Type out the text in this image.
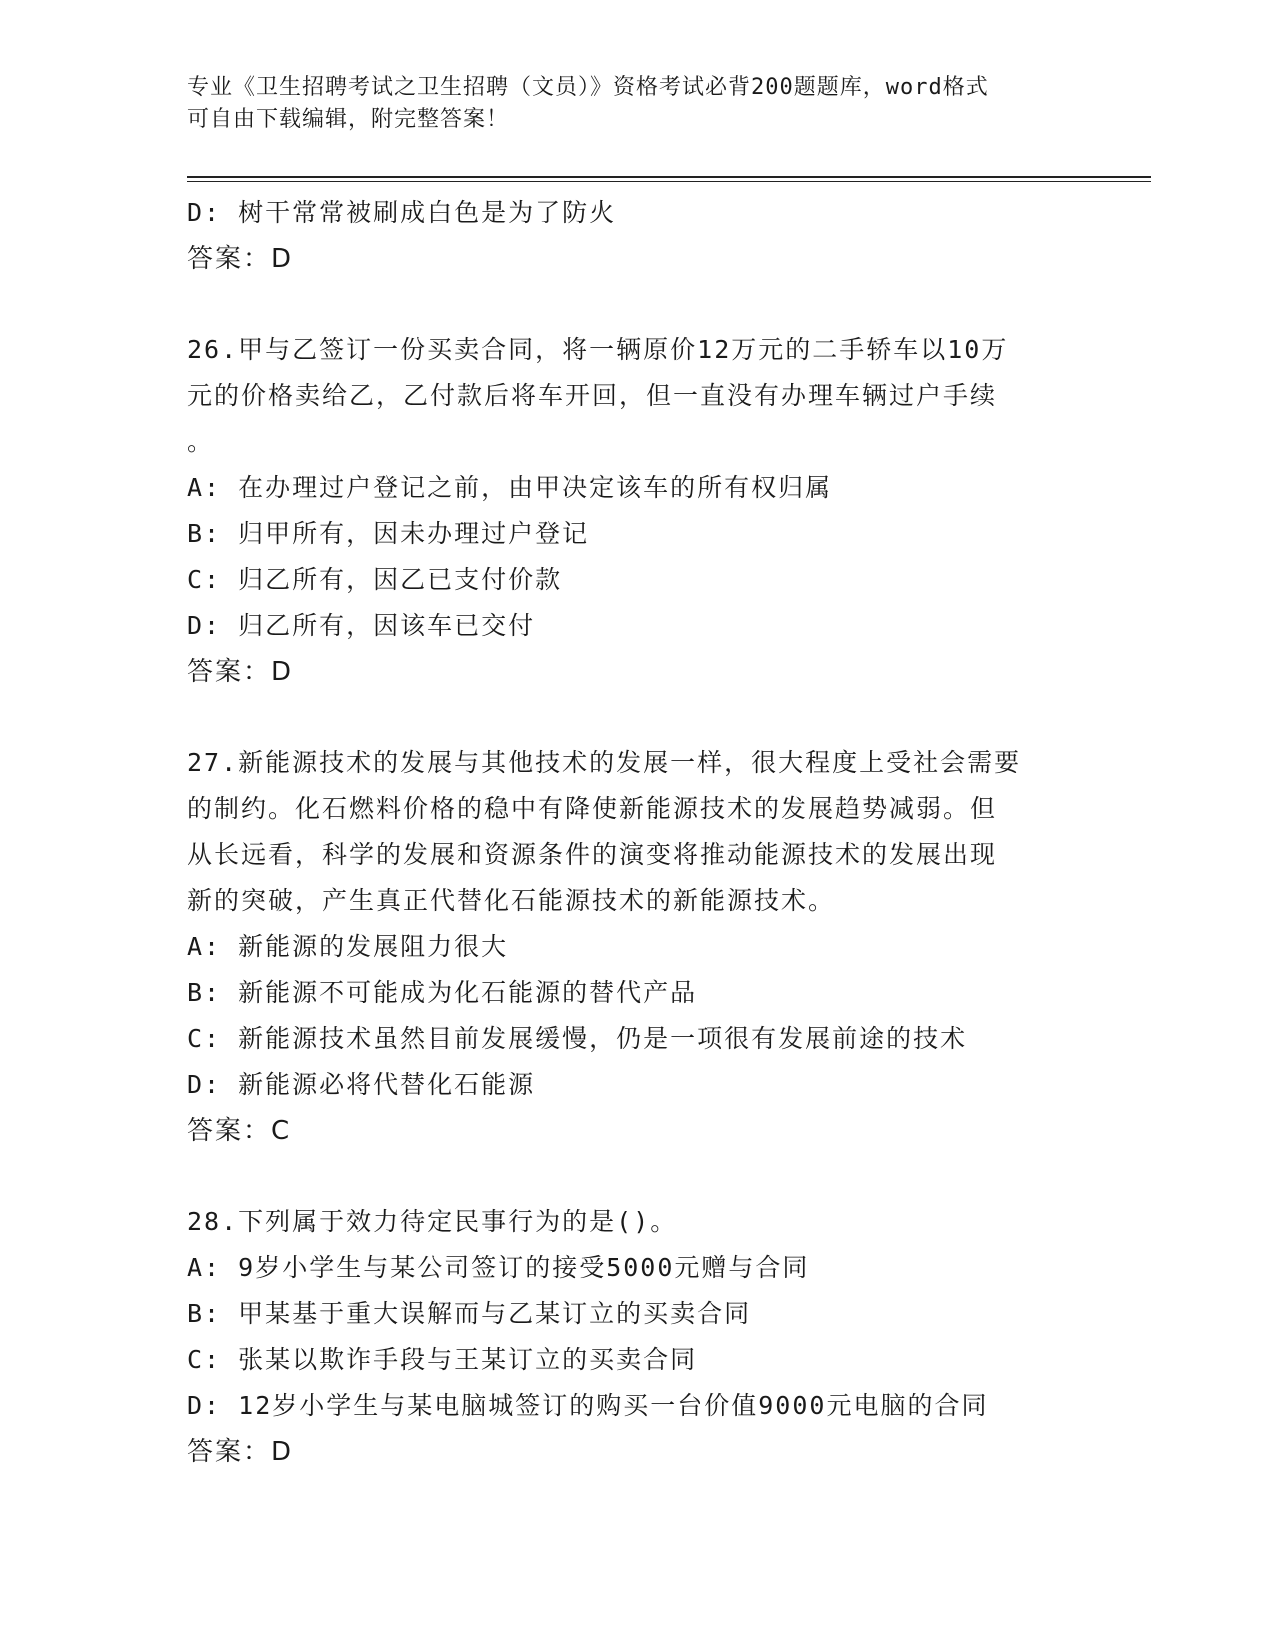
专业《卫生招聘考试之卫生招聘（文员）》资格考试必背200题题库，word格式
可自由下载编辑，附完整答案！
D: 树干常常被刷成白色是为了防火
答案：D
26.甲与乙签订一份买卖合同，将一辆原价12万元的二手轿车以10万
元的价格卖给乙，乙付款后将车开回，但一直没有办理车辆过户手续
。
A: 在办理过户登记之前，由甲决定该车的所有权归属
B: 归甲所有，因未办理过户登记
C: 归乙所有，因乙已支付价款
D: 归乙所有，因该车已交付
答案：D
27.新能源技术的发展与其他技术的发展一样，很大程度上受社会需要
的制约。化石燃料价格的稳中有降使新能源技术的发展趋势减弱。但
从长远看，科学的发展和资源条件的演变将推动能源技术的发展出现
新的突破，产生真正代替化石能源技术的新能源技术。
A: 新能源的发展阻力很大
B: 新能源不可能成为化石能源的替代产品
C: 新能源技术虽然目前发展缓慢，仍是一项很有发展前途的技术
D: 新能源必将代替化石能源
答案：C
28.下列属于效力待定民事行为的是()。
A: 9岁小学生与某公司签订的接受5000元赠与合同
B: 甲某基于重大误解而与乙某订立的买卖合同
C: 张某以欺诈手段与王某订立的买卖合同
D: 12岁小学生与某电脑城签订的购买一台价值9000元电脑的合同
答案：D
